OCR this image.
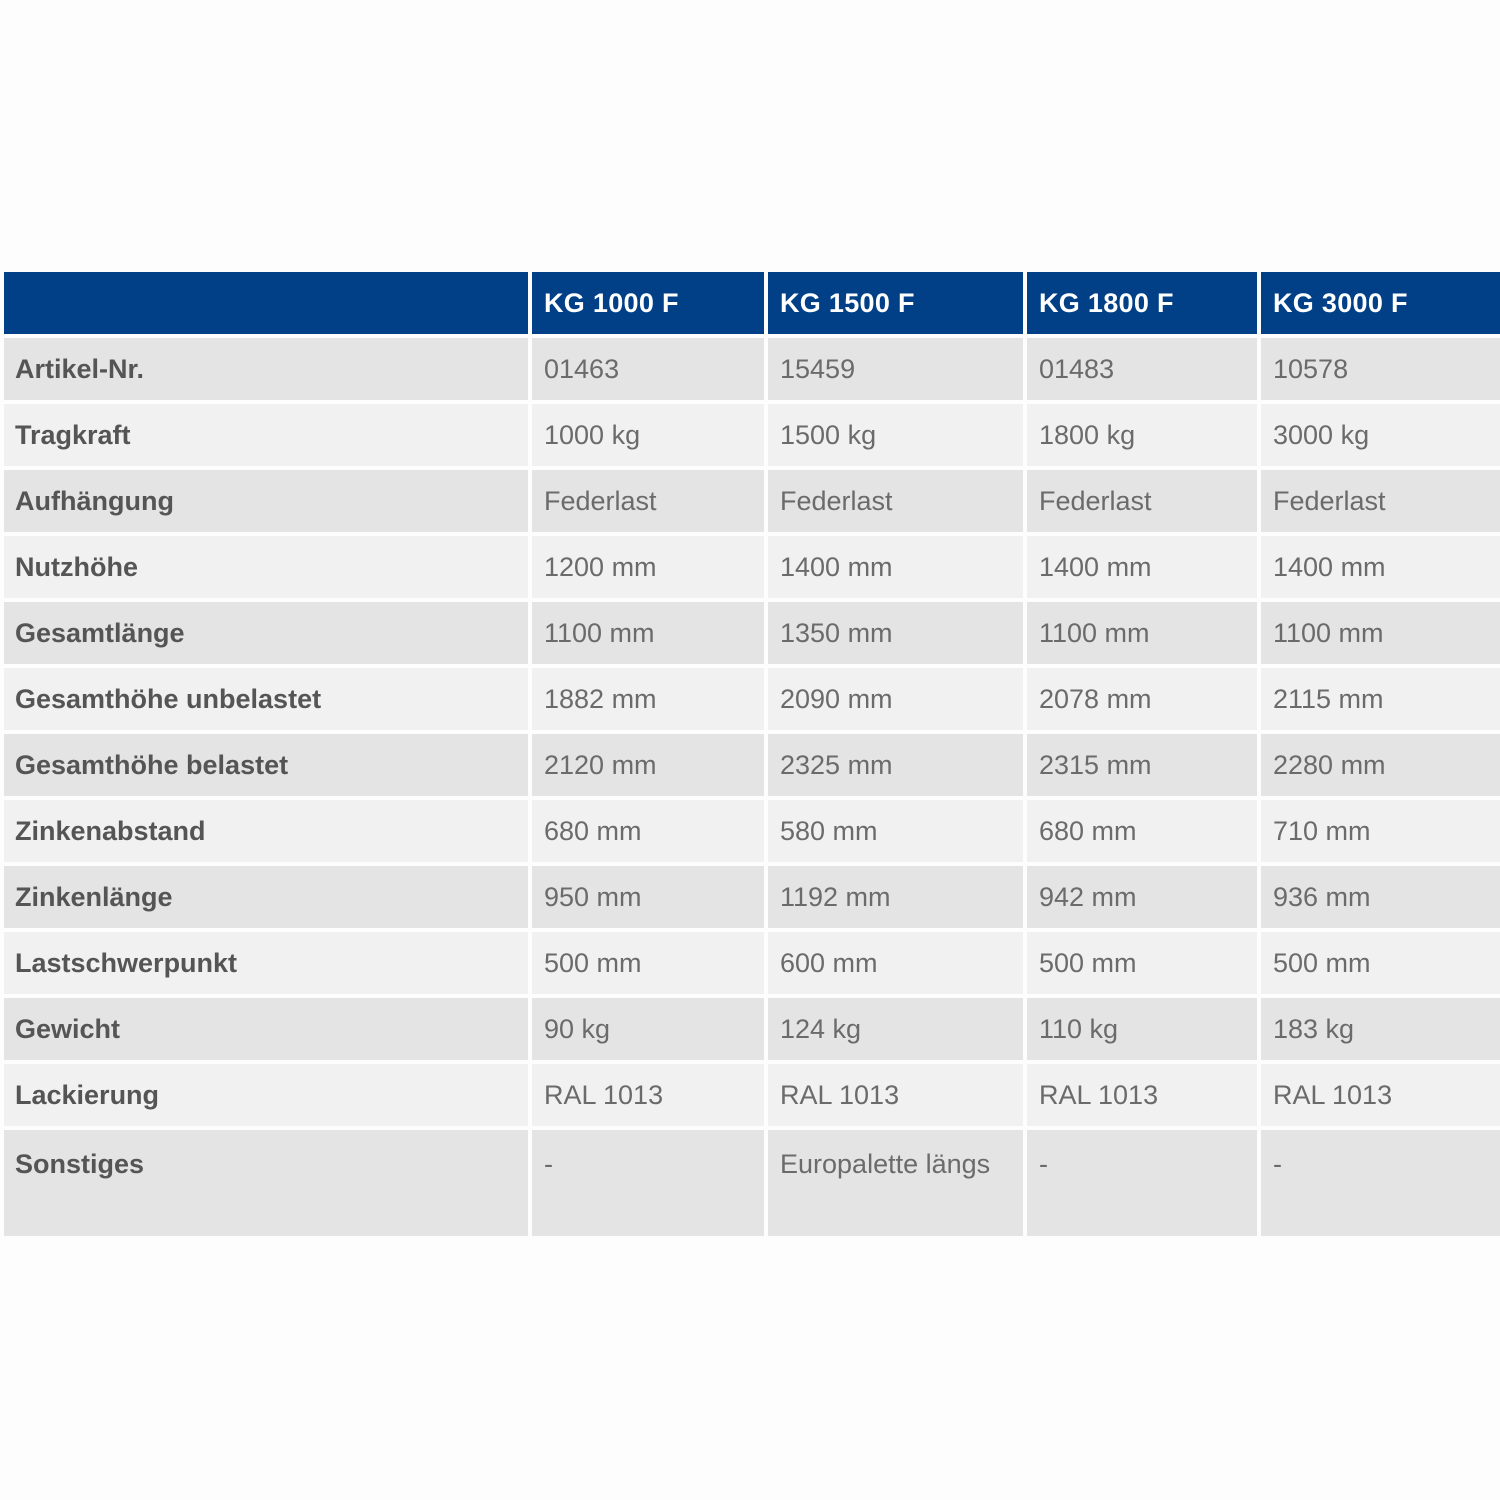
	KG 1000 F	KG 1500 F	KG 1800 F	KG 3000 F
Artikel-Nr.	01463	15459	01483	10578
Tragkraft	1000 kg	1500 kg	1800 kg	3000 kg
Aufhängung	Federlast	Federlast	Federlast	Federlast
Nutzhöhe	1200 mm	1400 mm	1400 mm	1400 mm
Gesamtlänge	1100 mm	1350 mm	1100 mm	1100 mm
Gesamthöhe unbelastet	1882 mm	2090 mm	2078 mm	2115 mm
Gesamthöhe belastet	2120 mm	2325 mm	2315 mm	2280 mm
Zinkenabstand	680 mm	580 mm	680 mm	710 mm
Zinkenlänge	950 mm	1192 mm	942 mm	936 mm
Lastschwerpunkt	500 mm	600 mm	500 mm	500 mm
Gewicht	90 kg	124 kg	110 kg	183 kg
Lackierung	RAL 1013	RAL 1013	RAL 1013	RAL 1013
Sonstiges	-	Europalette längs	-	-
